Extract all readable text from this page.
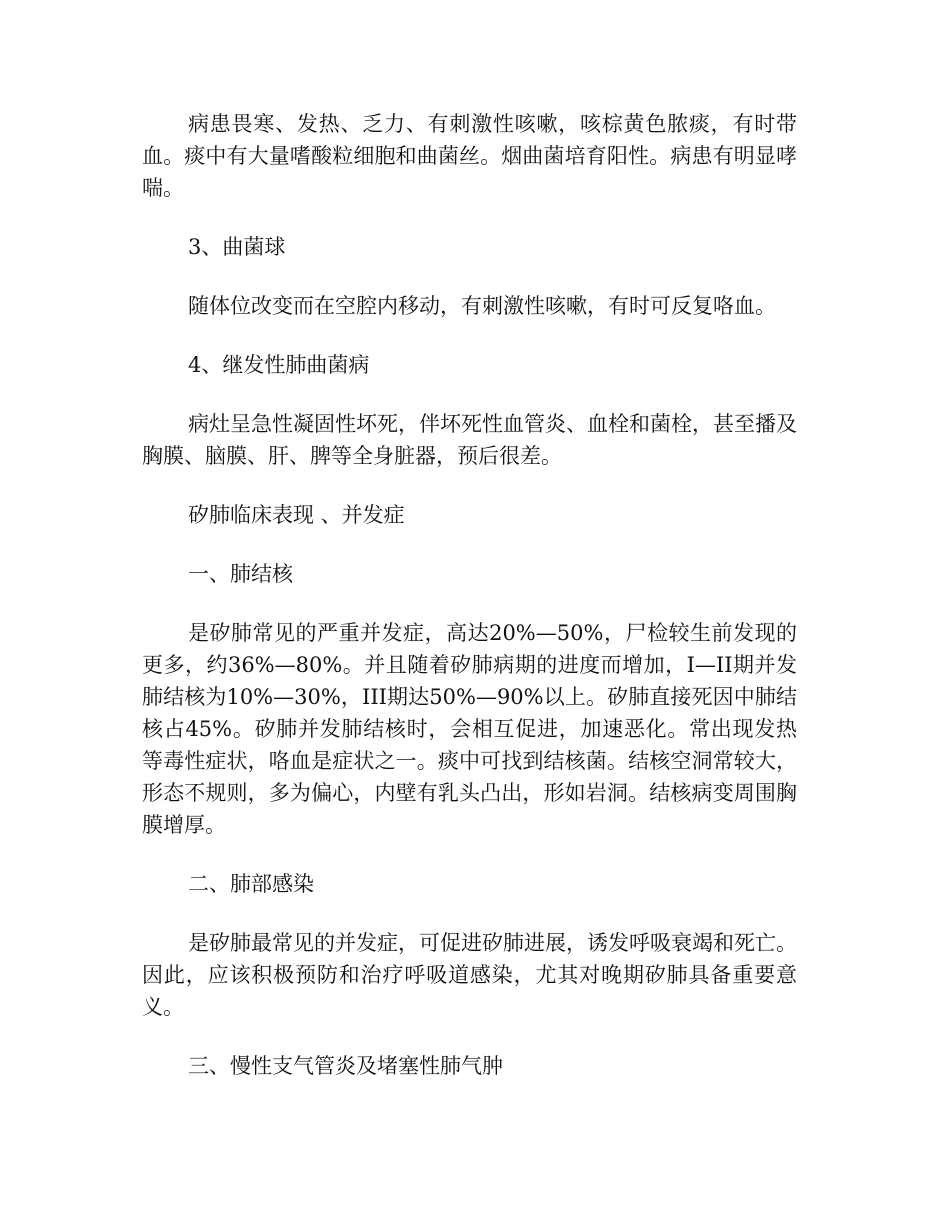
病患畏寒、发热、乏力、有刺激性咳嗽，咳棕黄色脓痰，有时带血。痰中有大量嗜酸粒细胞和曲菌丝。烟曲菌培育阳性。病患有明显哮喘。

3、曲菌球

随体位改变而在空腔内移动，有刺激性咳嗽，有时可反复咯血。

4、继发性肺曲菌病

病灶呈急性凝固性坏死，伴坏死性血管炎、血栓和菌栓，甚至播及胸膜、脑膜、肝、脾等全身脏器，预后很差。

矽肺临床表现 、并发症

一、肺结核

是矽肺常见的严重并发症，高达20%—50%，尸检较生前发现的更多，约36%—80%。并且随着矽肺病期的进度而增加，I—II期并发肺结核为10%—30%，III期达50%—90%以上。矽肺直接死因中肺结核占45%。矽肺并发肺结核时，会相互促进，加速恶化。常出现发热等毒性症状，咯血是症状之一。痰中可找到结核菌。结核空洞常较大，形态不规则，多为偏心，内壁有乳头凸出，形如岩洞。结核病变周围胸膜增厚。

二、肺部感染

是矽肺最常见的并发症，可促进矽肺进展，诱发呼吸衰竭和死亡。因此，应该积极预防和治疗呼吸道感染，尤其对晚期矽肺具备重要意义。

三、慢性支气管炎及堵塞性肺气肿
